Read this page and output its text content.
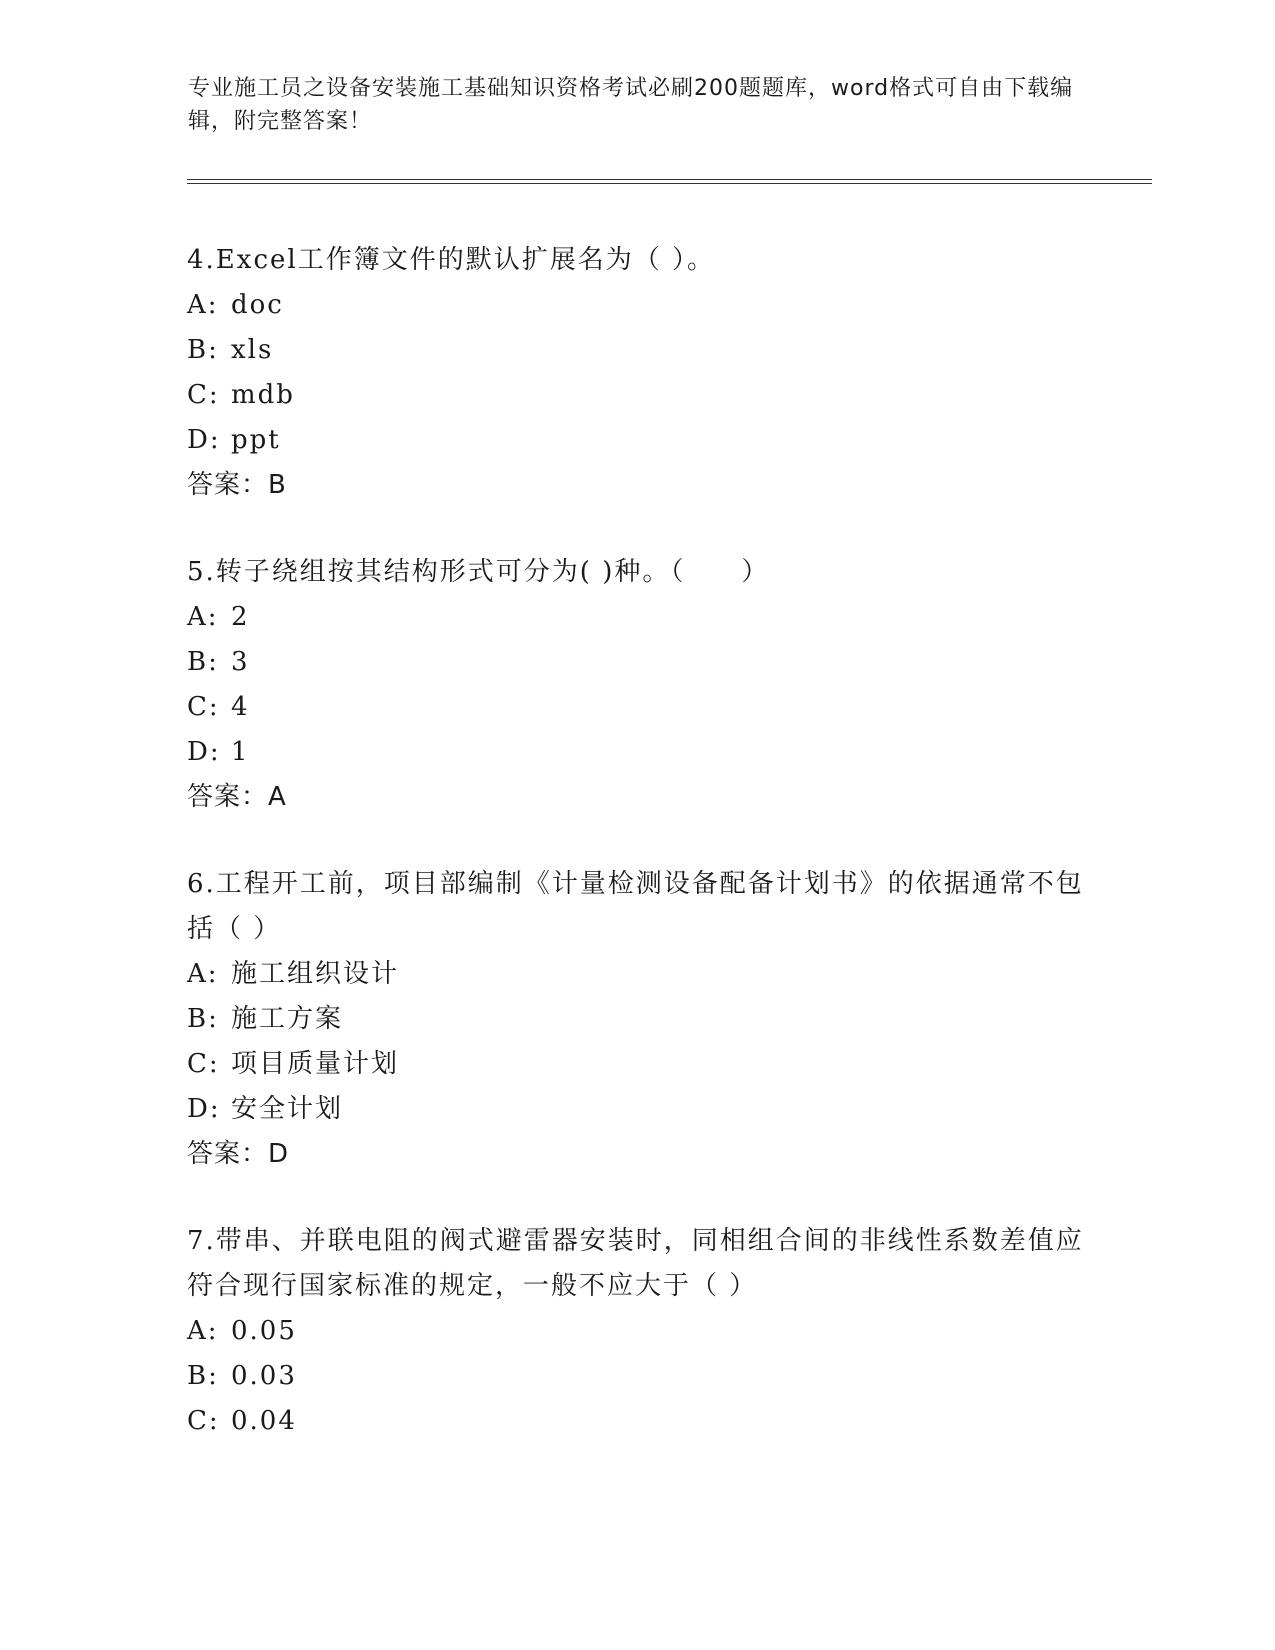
专业施工员之设备安装施工基础知识资格考试必刷200题题库，word格式可自由下载编辑，附完整答案！
4.Excel工作簿文件的默认扩展名为（ ）。
A: doc
B: xls
C: mdb
D: ppt
答案：B
5.转子绕组按其结构形式可分为( )种。（　　）
A: 2
B: 3
C: 4
D: 1
答案：A
6.工程开工前，项目部编制《计量检测设备配备计划书》的依据通常不包括（ ）
A: 施工组织设计
B: 施工方案
C: 项目质量计划
D: 安全计划
答案：D
7.带串、并联电阻的阀式避雷器安装时，同相组合间的非线性系数差值应符合现行国家标准的规定，一般不应大于（ ）
A: 0.05
B: 0.03
C: 0.04
